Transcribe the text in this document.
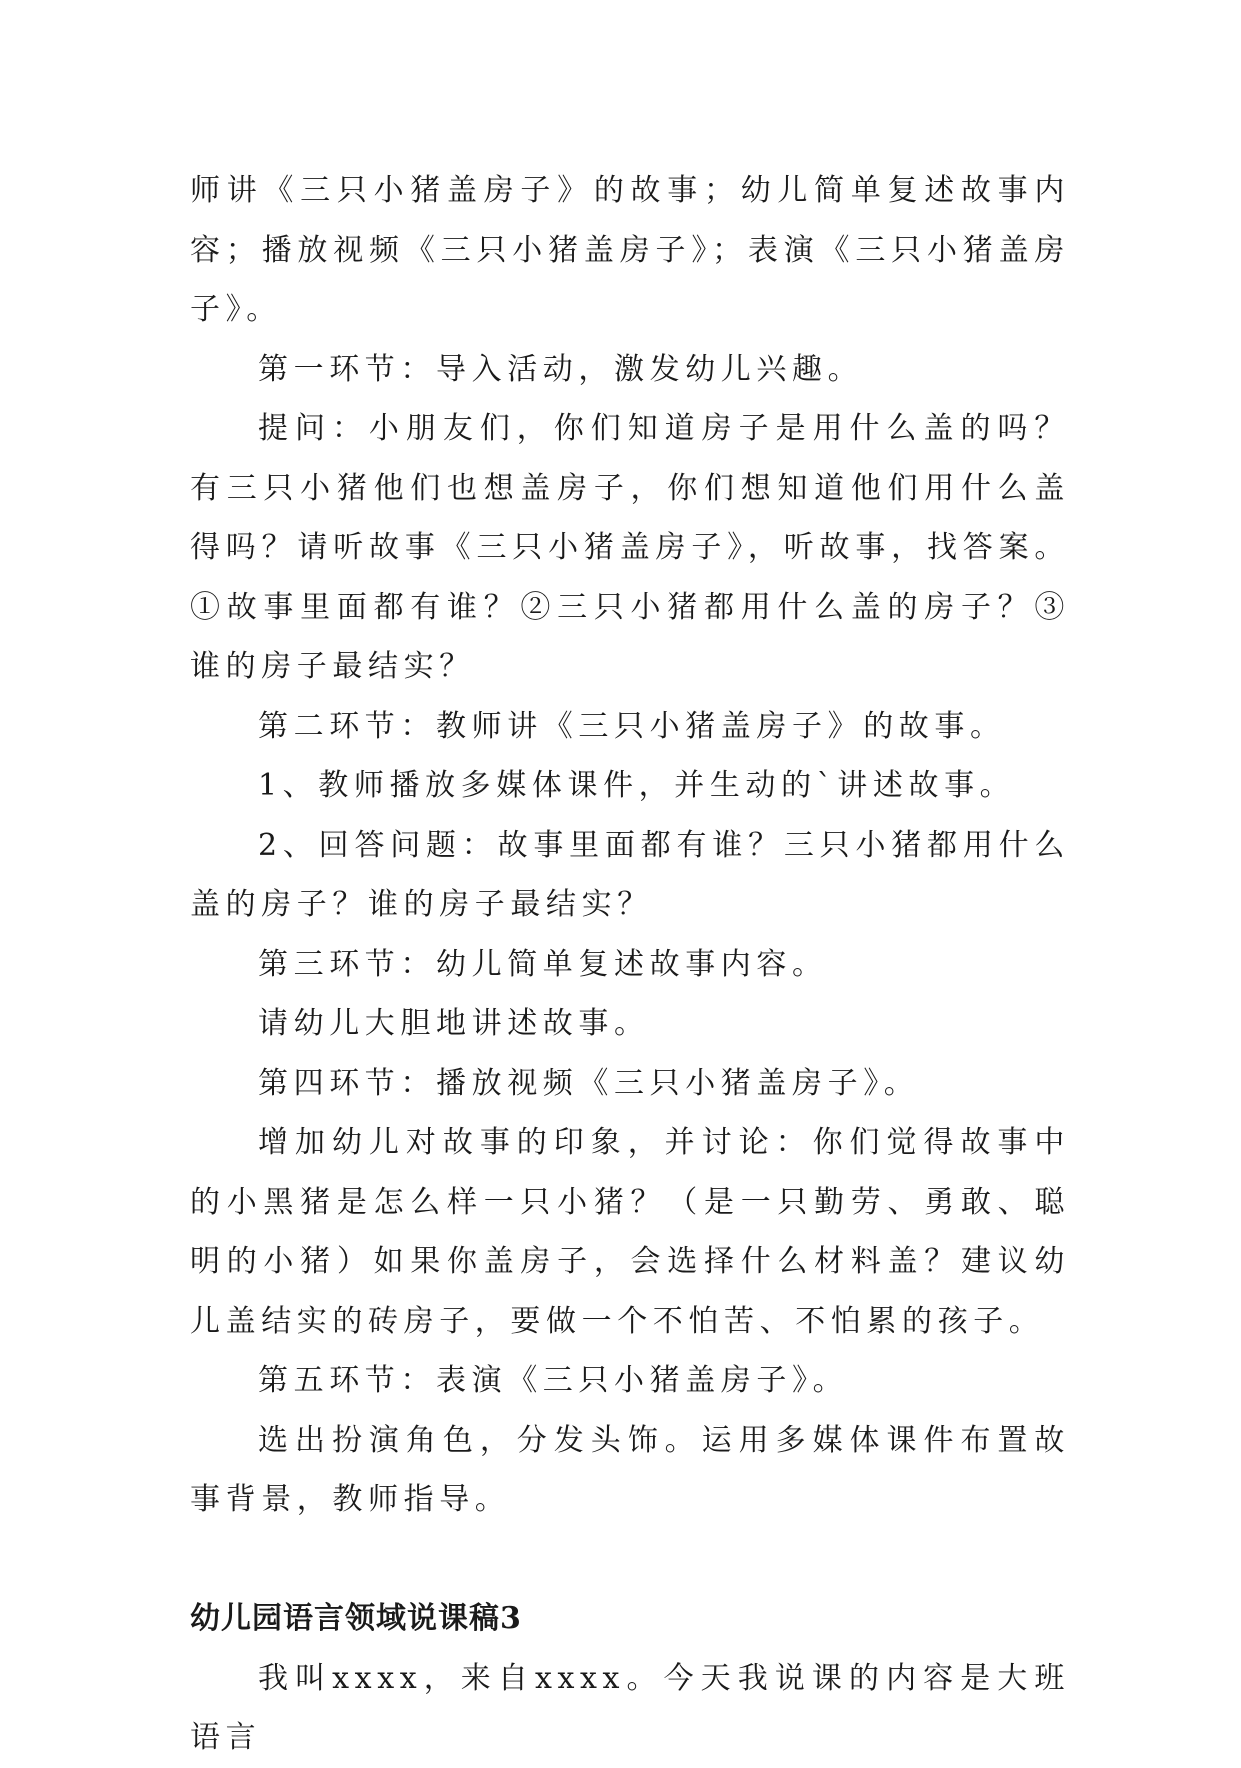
师讲《三只小猪盖房子》的故事；幼儿简单复述故事内容；播放视频《三只小猪盖房子》；表演《三只小猪盖房子》。

第一环节：导入活动，激发幼儿兴趣。

提问：小朋友们，你们知道房子是用什么盖的吗？有三只小猪他们也想盖房子，你们想知道他们用什么盖得吗？请听故事《三只小猪盖房子》，听故事，找答案。①故事里面都有谁？②三只小猪都用什么盖的房子？③谁的房子最结实？

第二环节：教师讲《三只小猪盖房子》的故事。

1、教师播放多媒体课件，并生动的`讲述故事。

2、回答问题：故事里面都有谁？三只小猪都用什么盖的房子？谁的房子最结实？

第三环节：幼儿简单复述故事内容。

请幼儿大胆地讲述故事。

第四环节：播放视频《三只小猪盖房子》。

增加幼儿对故事的印象，并讨论：你们觉得故事中的小黑猪是怎么样一只小猪？（是一只勤劳、勇敢、聪明的小猪）如果你盖房子，会选择什么材料盖？建议幼儿盖结实的砖房子，要做一个不怕苦、不怕累的孩子。

第五环节：表演《三只小猪盖房子》。

选出扮演角色，分发头饰。运用多媒体课件布置故事背景，教师指导。

幼儿园语言领域说课稿3

我叫xxxx，来自xxxx。今天我说课的内容是大班语言
